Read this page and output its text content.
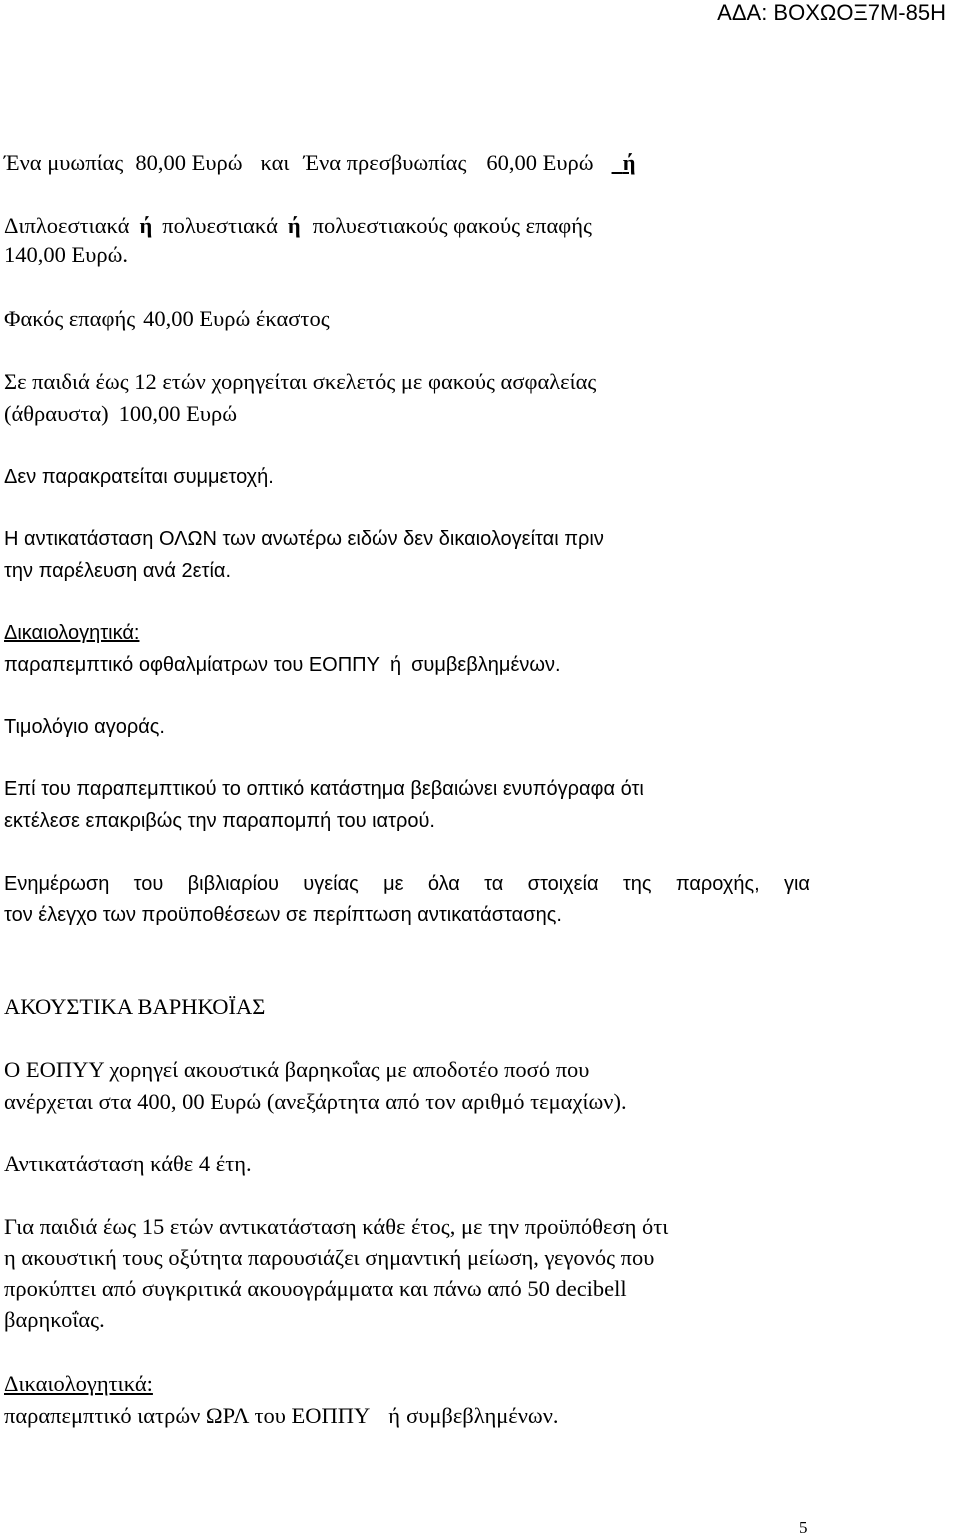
ΑΔΑ: ΒΟΧΩΟΞ7Μ-85Η
Ένα μυωπίας 80,00 Ευρώ και Ένα πρεσβυωπίας 60,00 Ευρώ ή
Διπλοεστιακά ή πολυεστιακά ή πολυεστιακούς φακούς επαφής
140,00 Ευρώ.
Φακός επαφής 40,00 Ευρώ έκαστος
Σε παιδιά έως 12 ετών χορηγείται σκελετός με φακούς ασφαλείας
(άθραυστα) 100,00 Ευρώ
Δεν παρακρατείται συμμετοχή.
Η αντικατάσταση ΟΛΩΝ των ανωτέρω ειδών δεν δικαιολογείται πριν
την παρέλευση ανά 2ετία.
Δικαιολογητικά:
παραπεμπτικό οφθαλμίατρων του ΕΟΠΠΥ ή συμβεβλημένων.
Τιμολόγιο αγοράς.
Επί του παραπεμπτικού το οπτικό κατάστημα βεβαιώνει ενυπόγραφα ότι
εκτέλεσε επακριβώς την παραπομπή του ιατρού.
Ενημέρωση του βιβλιαρίου υγείας με όλα τα στοιχεία της παροχής, για
τον έλεγχο των προϋποθέσεων σε περίπτωση αντικατάστασης.
ΑΚΟΥΣΤΙΚΑ ΒΑΡΗΚΟΪΑΣ
Ο ΕΟΠΥΥ χορηγεί ακουστικά βαρηκοΐας με αποδοτέο ποσό που
ανέρχεται στα 400, 00 Ευρώ (ανεξάρτητα από τον αριθμό τεμαχίων).
Αντικατάσταση κάθε 4 έτη.
Για παιδιά έως 15 ετών αντικατάσταση κάθε έτος, με την προϋπόθεση ότι
η ακουστική τους οξύτητα παρουσιάζει σημαντική μείωση, γεγονός που
προκύπτει από συγκριτικά ακουογράμματα και πάνω από 50 decibell
βαρηκοΐας.
Δικαιολογητικά:
παραπεμπτικό ιατρών ΩΡΛ του ΕΟΠΠΥ ή συμβεβλημένων.
5
